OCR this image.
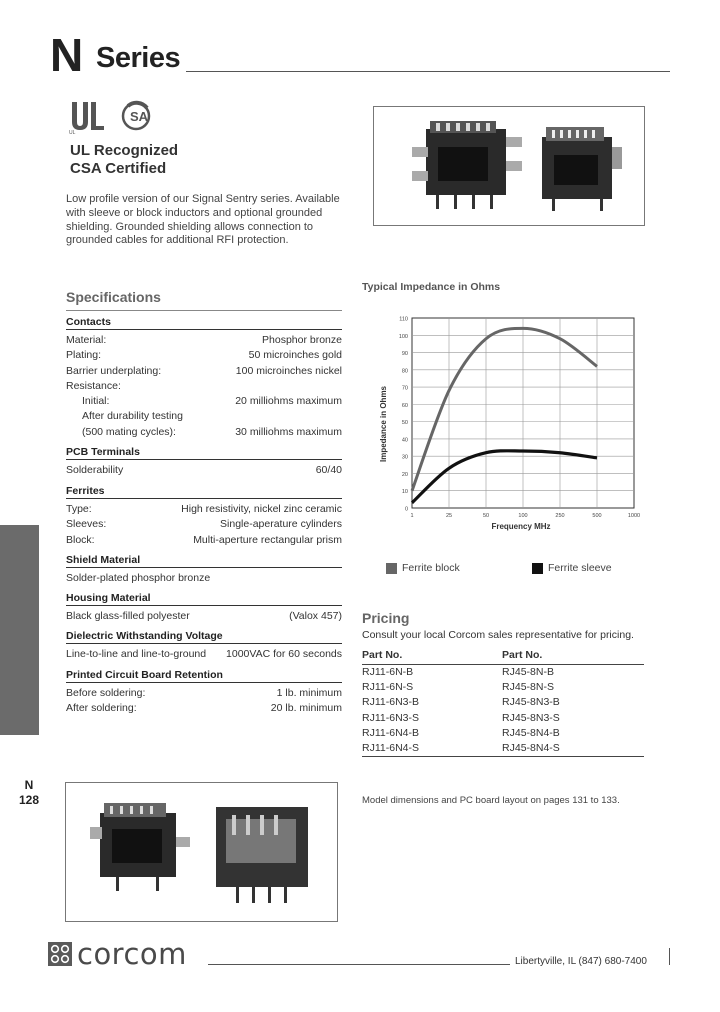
N Series
UL
SA
UL Recognized
CSA Certified
Low profile version of our Signal Sentry series. Available with sleeve or block inductors and optional grounded shielding. Grounded shielding allows connection to grounded cables for additional RFI protection.
Specifications
Contacts
Material:	Phosphor bronze
Plating:	50 microinches gold
Barrier underplating:	100 microinches nickel
Resistance:
Initial:	20 milliohms maximum
After durability testing
(500 mating cycles):	30 milliohms maximum
PCB Terminals
Solderability	60/40
Ferrites
Type:	High resistivity, nickel zinc ceramic
Sleeves:	Single-aperature cylinders
Block:	Multi-aperture rectangular prism
Shield Material
Solder-plated phosphor bronze
Housing Material
Black glass-filled polyester	(Valox 457)
Dielectric Withstanding Voltage
Line-to-line and line-to-ground 1000VAC for 60 seconds
Printed Circuit Board Retention
Before soldering:	1 lb. minimum
After soldering:	20 lb. minimum
N
128
Typical Impedance in Ohms
0
10
20
30
40
50
60
70
80
90
100
110
1	25	50	100	250	500	1000
Impedance in Ohms
Frequency MHz
Ferrite block	Ferrite sleeve
Pricing
Consult your local Corcom sales representative for pricing.
Part No.	Part No.
RJ11-6N-B	RJ45-8N-B
RJ11-6N-S	RJ45-8N-S
RJ11-6N3-B	RJ45-8N3-B
RJ11-6N3-S	RJ45-8N3-S
RJ11-6N4-B	RJ45-8N4-B
RJ11-6N4-S	RJ45-8N4-S
Model dimensions and PC board layout on pages 131 to 133.
corcom	Libertyville, IL (847) 680-7400
